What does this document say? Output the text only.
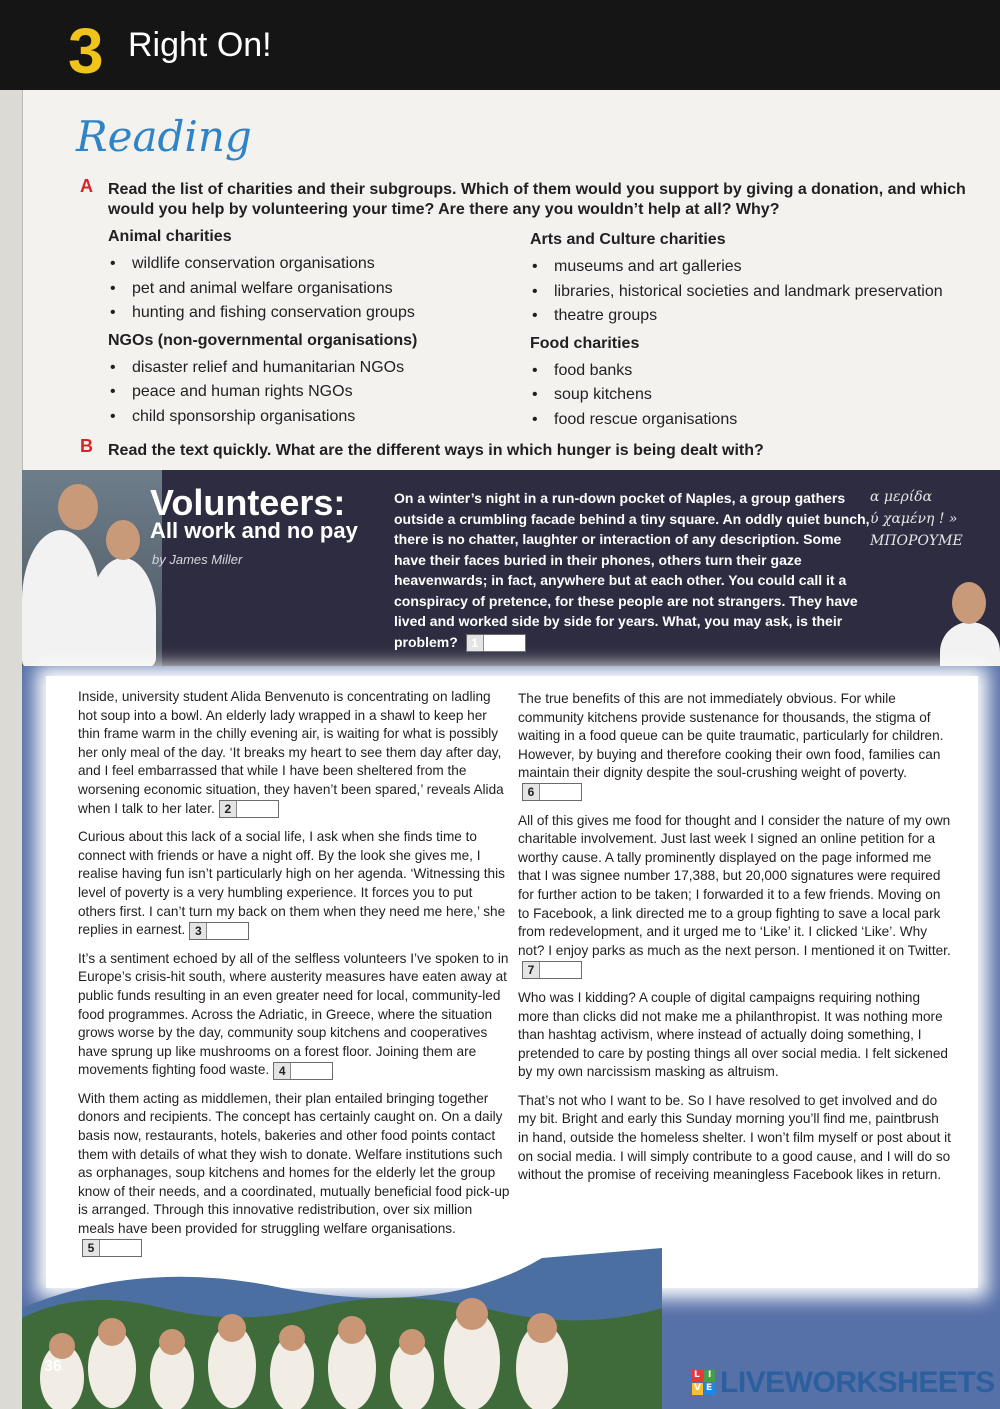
3 Right On!
Reading
A Read the list of charities and their subgroups. Which of them would you support by giving a donation, and which would you help by volunteering your time? Are there any you wouldn’t help at all? Why?
Animal charities
• wildlife conservation organisations
• pet and animal welfare organisations
• hunting and fishing conservation groups
NGOs (non-governmental organisations)
• disaster relief and humanitarian NGOs
• peace and human rights NGOs
• child sponsorship organisations
Arts and Culture charities
• museums and art galleries
• libraries, historical societies and landmark preservation
• theatre groups
Food charities
• food banks
• soup kitchens
• food rescue organisations
B Read the text quickly. What are the different ways in which hunger is being dealt with?
Volunteers:
All work and no pay
by James Miller
On a winter’s night in a run-down pocket of Naples, a group gathers outside a crumbling facade behind a tiny square. An oddly quiet bunch, there is no chatter, laughter or interaction of any description. Some have their faces buried in their phones, others turn their gaze heavenwards; in fact, anywhere but at each other. You could call it a conspiracy of pretence, for these people are not strangers. They have lived and worked side by side for years. What, you may ask, is their problem?	1
α μερίδα
ύ χαμένη ! »
ΜΠΟΡΟΥΜΕ

Inside, university student Alida Benvenuto is concentrating on ladling hot soup into a bowl. An elderly lady wrapped in a shawl to keep her thin frame warm in the chilly evening air, is waiting for what is possibly her only meal of the day. ‘It breaks my heart to see them day after day, and I feel embarrassed that while I have been sheltered from the worsening economic situation, they haven’t been spared,’ reveals Alida when I talk to her later. 2

Curious about this lack of a social life, I ask when she finds time to connect with friends or have a night off. By the look she gives me, I realise having fun isn’t particularly high on her agenda. ‘Witnessing this level of poverty is a very humbling experience. It forces you to put others first. I can’t turn my back on them when they need me here,’ she replies in earnest. 3

It’s a sentiment echoed by all of the selfless volunteers I’ve spoken to in Europe’s crisis-hit south, where austerity measures have eaten away at public funds resulting in an even greater need for local, community-led food programmes. Across the Adriatic, in Greece, where the situation grows worse by the day, community soup kitchens and cooperatives have sprung up like mushrooms on a forest floor. Joining them are movements fighting food waste. 4

With them acting as middlemen, their plan entailed bringing together donors and recipients. The concept has certainly caught on. On a daily basis now, restaurants, hotels, bakeries and other food points contact them with details of what they wish to donate. Welfare institutions such as orphanages, soup kitchens and homes for the elderly let the group know of their needs, and a coordinated, mutually beneficial food pick-up is arranged. Through this innovative redistribution, over six million meals have been provided for struggling welfare organisations.
5

The true benefits of this are not immediately obvious. For while community kitchens provide sustenance for thousands, the stigma of waiting in a food queue can be quite traumatic, particularly for children. However, by buying and therefore cooking their own food, families can maintain their dignity despite the soul-crushing weight of poverty.
6

All of this gives me food for thought and I consider the nature of my own charitable involvement. Just last week I signed an online petition for a worthy cause. A tally prominently displayed on the page informed me that I was signee number 17,388, but 20,000 signatures were required for further action to be taken; I forwarded it to a few friends. Moving on to Facebook, a link directed me to a group fighting to save a local park from redevelopment, and it urged me to ‘Like’ it. I clicked ‘Like’. Why not? I enjoy parks as much as the next person. I mentioned it on Twitter.
7

Who was I kidding? A couple of digital campaigns requiring nothing more than clicks did not make me a philanthropist. It was nothing more than hashtag activism, where instead of actually doing something, I pretended to care by posting things all over social media. I felt sickened by my own narcissism masking as altruism.

That’s not who I want to be. So I have resolved to get involved and do my bit. Bright and early this Sunday morning you’ll find me, paintbrush in hand, outside the homeless shelter. I won’t film myself or post about it on social media. I will simply contribute to a good cause, and I will do so without the promise of receiving meaningless Facebook likes in return.

36	L I
V E LIVEWORKSHEETS
